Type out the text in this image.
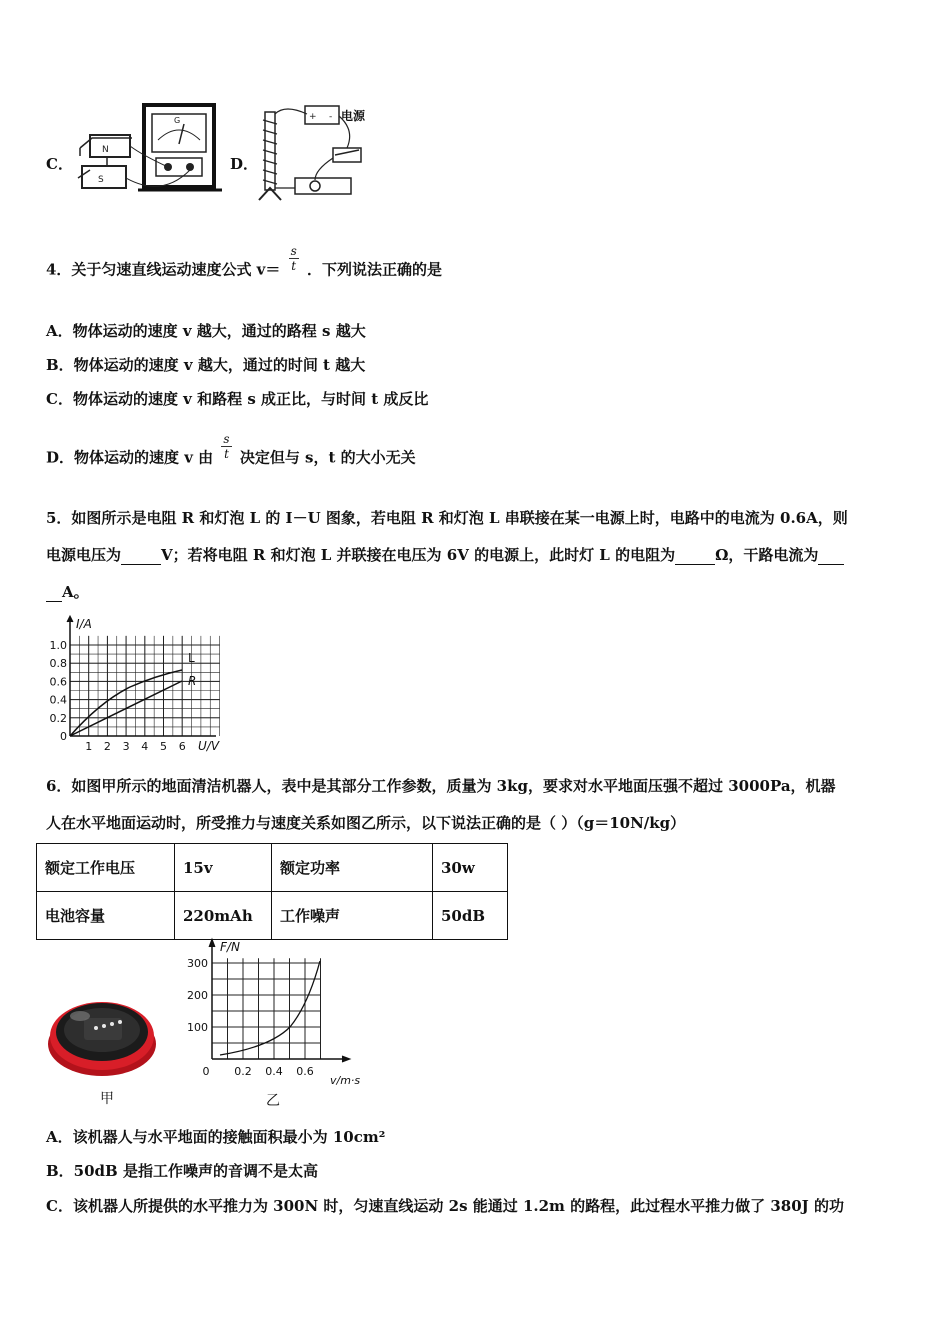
C．
N
S
G
D．
+ - 电源
4．关于匀速直线运动速度公式 $v= \frac{s}{t}$ ．下列说法正确的是
A．物体运动的速度 v 越大，通过的路程 s 越大
B．物体运动的速度 v 越大，通过的时间 t 越大
C．物体运动的速度 v 和路程 s 成正比，与时间 t 成反比
D．物体运动的速度 v 由 $\frac{s}{t}$ 决定但与 s，t 的大小无关
5．如图所示是电阻 R 和灯泡 L 的 I－U 图象，若电阻 R 和灯泡 L 串联接在某一电源上时，电路中的电流为 0.6A，则
电源电压为	V；若将电阻 R 和灯泡 L 并联接在电压为 6V 的电源上，此时灯 L 的电阻为	Ω，干路电流为
A。
I/A
U/V
1.0
0.8
0.6
0.4
0.2
0
1 2 3 4 5 6
L
R
6．如图甲所示的地面清洁机器人，表中是其部分工作参数，质量为 3kg，要求对水平地面压强不超过 3000Pa，机器
人在水平地面运动时，所受推力与速度关系如图乙所示，以下说法正确的是（ ）（g＝10N/kg）
额定工作电压	15v	额定功率	30w
电池容量	220mAh	工作噪声	50dB
甲
F/N
v/m·s
300
200
100
0 0.2 0.4 0.6
乙
A．该机器人与水平地面的接触面积最小为 10cm²
B．50dB 是指工作噪声的音调不是太高
C．该机器人所提供的水平推力为 300N 时，匀速直线运动 2s 能通过 1.2m 的路程，此过程水平推力做了 380J 的功
